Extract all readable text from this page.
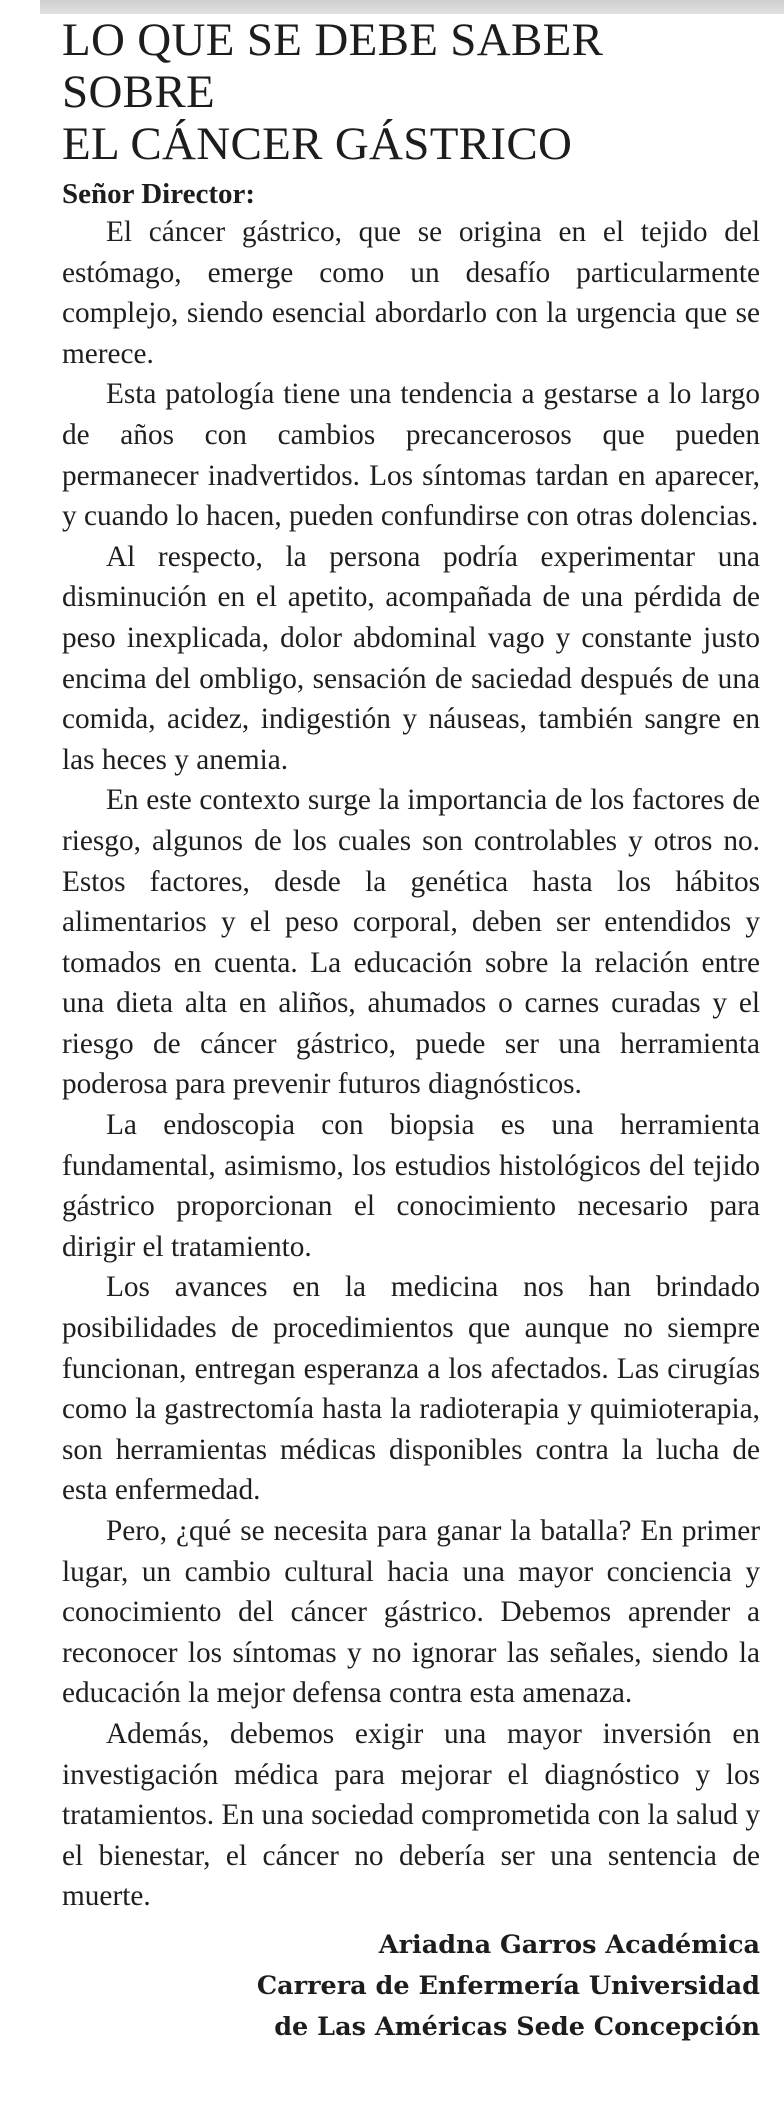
LO QUE SE DEBE SABER SOBRE
EL CÁNCER GÁSTRICO
Señor Director:

El cáncer gástrico, que se origina en el tejido del estómago, emerge como un desafío particularmente complejo, siendo esencial abordarlo con la urgencia que se merece.

Esta patología tiene una tendencia a gestarse a lo largo de años con cambios precancerosos que pueden permanecer inadvertidos. Los síntomas tardan en aparecer, y cuando lo hacen, pueden confundirse con otras dolencias.

Al respecto, la persona podría experimentar una disminución en el apetito, acompañada de una pérdida de peso inexplicada, dolor abdominal vago y constante justo encima del ombligo, sensación de saciedad después de una comida, acidez, indigestión y náuseas, también sangre en las heces y anemia.

En este contexto surge la importancia de los factores de riesgo, algunos de los cuales son controlables y otros no. Estos factores, desde la genética hasta los hábitos alimentarios y el peso corporal, deben ser entendidos y tomados en cuenta. La educación sobre la relación entre una dieta alta en aliños, ahumados o carnes curadas y el riesgo de cáncer gástrico, puede ser una herramienta poderosa para prevenir futuros diagnósticos.

La endoscopia con biopsia es una herramienta fundamental, asimismo, los estudios histológicos del tejido gástrico proporcionan el conocimiento necesario para dirigir el tratamiento.

Los avances en la medicina nos han brindado posibilidades de procedimientos que aunque no siempre funcionan, entregan esperanza a los afectados. Las cirugías como la gastrectomía hasta la radioterapia y quimioterapia, son herramientas médicas disponibles contra la lucha de esta enfermedad.

Pero, ¿qué se necesita para ganar la batalla? En primer lugar, un cambio cultural hacia una mayor conciencia y conocimiento del cáncer gástrico. Debemos aprender a reconocer los síntomas y no ignorar las señales, siendo la educación la mejor defensa contra esta amenaza.

Además, debemos exigir una mayor inversión en investigación médica para mejorar el diagnóstico y los tratamientos. En una sociedad comprometida con la salud y el bienestar, el cáncer no debería ser una sentencia de muerte.

Ariadna Garros Académica
Carrera de Enfermería Universidad
de Las Américas Sede Concepción
